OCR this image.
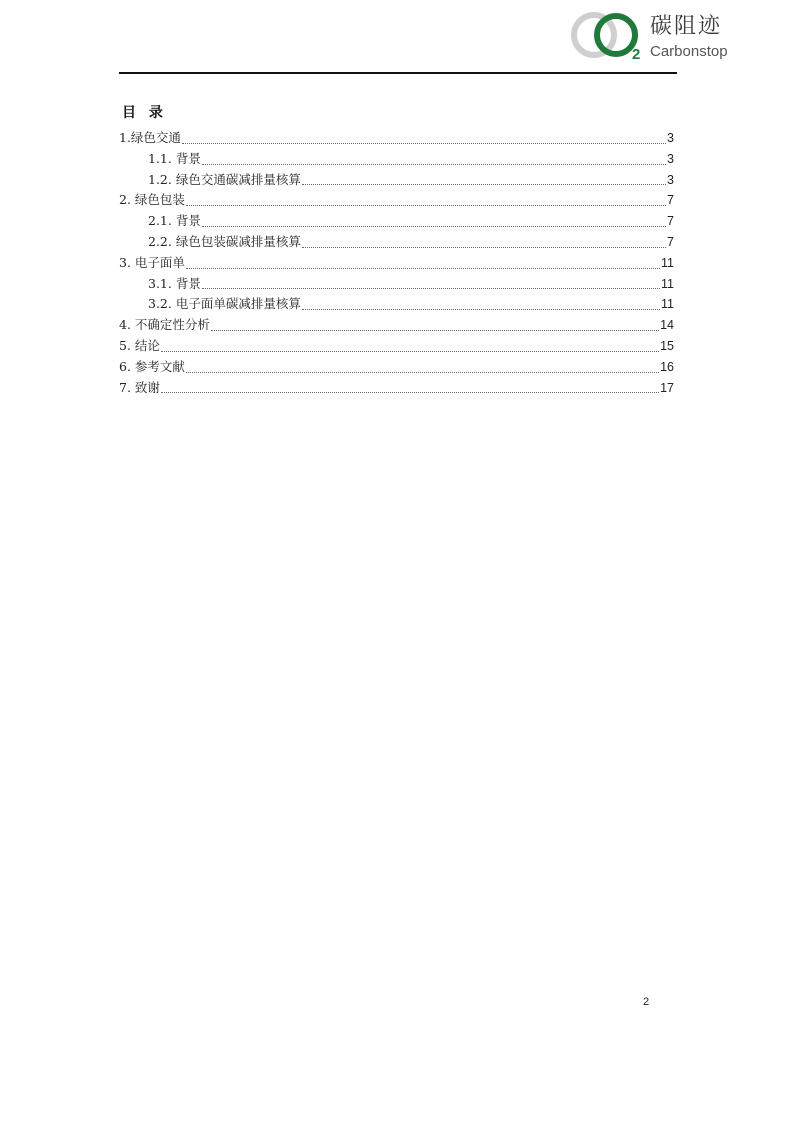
2
碳阻迹
Carbonstop
目 录
1.绿色交通	3
1.1. 背景	3
1.2. 绿色交通碳减排量核算	3
2. 绿色包装	7
2.1. 背景	7
2.2. 绿色包装碳减排量核算	7
3. 电子面单	11
3.1. 背景	11
3.2. 电子面单碳减排量核算	11
4. 不确定性分析	14
5. 结论	15
6. 参考文献	16
7. 致谢	17
2
